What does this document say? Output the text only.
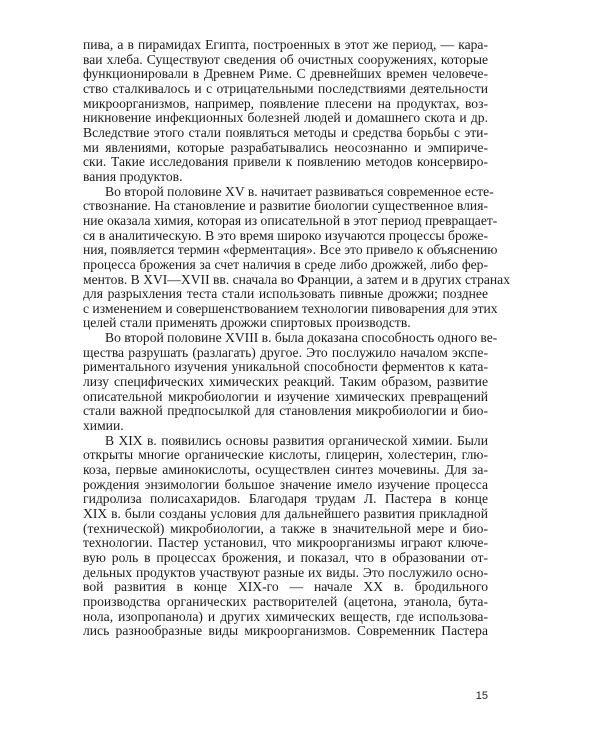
пива, а в пирамидах Египта, построенных в этот же период, — кара-
ваи хлеба. Существуют сведения об очистных сооружениях, которые
функционировали в Древнем Риме. С древнейших времен человече-
ство сталкивалось и с отрицательными последствиями деятельности
микроорганизмов, например, появление плесени на продуктах, воз-
никновение инфекционных болезней людей и домашнего скота и др.
Вследствие этого стали появляться методы и средства борьбы с эти-
ми явлениями, которые разрабатывались неосознанно и эмпириче-
ски. Такие исследования привели к появлению методов консервиро-
вания продуктов.
Во второй половине XV в. начитает развиваться современное есте-
ствознание. На становление и развитие биологии существенное влия-
ние оказала химия, которая из описательной в этот период превращает-
ся в аналитическую. В это время широко изучаются процессы броже-
ния, появляется термин «ферментация». Все это привело к объяснению
процесса брожения за счет наличия в среде либо дрожжей, либо фер-
ментов. В XVI—XVII вв. сначала во Франции, а затем и в других странах
для разрыхления теста стали использовать пивные дрожжи; позднее
с изменением и совершенствованием технологии пивоварения для этих
целей стали применять дрожжи спиртовых производств.
Во второй половине XVIII в. была доказана способность одного ве-
щества разрушать (разлагать) другое. Это послужило началом экспе-
риментального изучения уникальной способности ферментов к ката-
лизу специфических химических реакций. Таким образом, развитие
описательной микробиологии и изучение химических превращений
стали важной предпосылкой для становления микробиологии и био-
химии.
В XIX в. появились основы развития органической химии. Были
открыты многие органические кислоты, глицерин, холестерин, глю-
коза, первые аминокислоты, осуществлен синтез мочевины. Для за-
рождения энзимологии большое значение имело изучение процесса
гидролиза полисахаридов. Благодаря трудам Л. Пастера в конце
XIX в. были созданы условия для дальнейшего развития прикладной
(технической) микробиологии, а также в значительной мере и био-
технологии. Пастер установил, что микроорганизмы играют ключе-
вую роль в процессах брожения, и показал, что в образовании от-
дельных продуктов участвуют разные их виды. Это послужило осно-
вой развития в конце XIX-го — начале XX в. бродильного
производства органических растворителей (ацетона, этанола, бута-
нола, изопропанола) и других химических веществ, где использова-
лись разнообразные виды микроорганизмов. Современник Пастера
15
